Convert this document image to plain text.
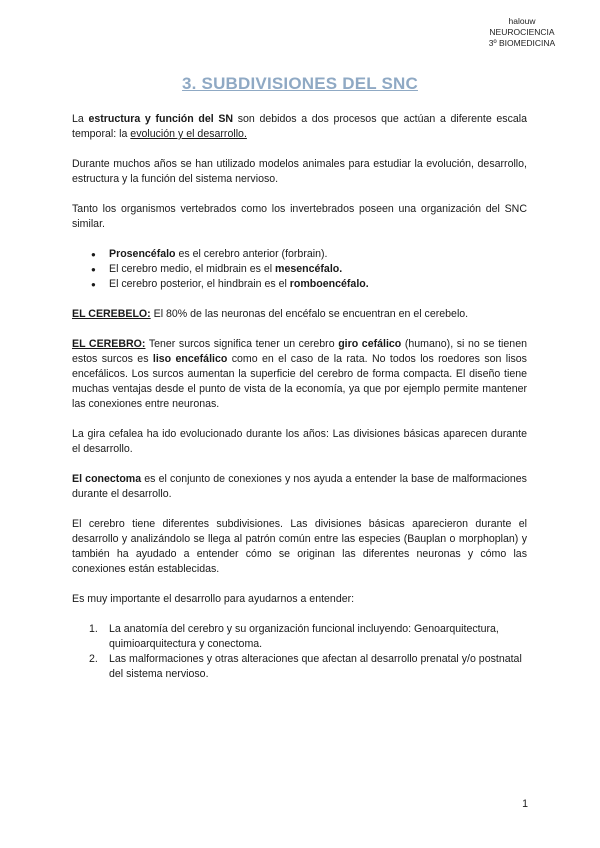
halouw
NEUROCIENCIA
3º BIOMEDICINA
3. SUBDIVISIONES DEL SNC

La estructura y función del SN son debidos a dos procesos que actúan a diferente escala temporal: la evolución y el desarrollo.

Durante muchos años se han utilizado modelos animales para estudiar la evolución, desarrollo, estructura y la función del sistema nervioso.

Tanto los organismos vertebrados como los invertebrados poseen una organización del SNC similar.

● Prosencéfalo es el cerebro anterior (forbrain).
● El cerebro medio, el midbrain es el mesencéfalo.
● El cerebro posterior, el hindbrain es el romboencéfalo.

EL CEREBELO: El 80% de las neuronas del encéfalo se encuentran en el cerebelo.

EL CEREBRO: Tener surcos significa tener un cerebro giro cefálico (humano), si no se tienen estos surcos es liso encefálico como en el caso de la rata. No todos los roedores son lisos encefálicos. Los surcos aumentan la superficie del cerebro de forma compacta. El diseño tiene muchas ventajas desde el punto de vista de la economía, ya que por ejemplo permite mantener las conexiones entre neuronas.

La gira cefalea ha ido evolucionado durante los años: Las divisiones básicas aparecen durante el desarrollo.

El conectoma es el conjunto de conexiones y nos ayuda a entender la base de malformaciones durante el desarrollo.

El cerebro tiene diferentes subdivisiones. Las divisiones básicas aparecieron durante el desarrollo y analizándolo se llega al patrón común entre las especies (Bauplan o morphoplan) y también ha ayudado a entender cómo se originan las diferentes neuronas y cómo las conexiones están establecidas.

Es muy importante el desarrollo para ayudarnos a entender:

1. La anatomía del cerebro y su organización funcional incluyendo: Genoarquitectura, quimioarquitectura y conectoma.
2. Las malformaciones y otras alteraciones que afectan al desarrollo prenatal y/o postnatal del sistema nervioso.
1
